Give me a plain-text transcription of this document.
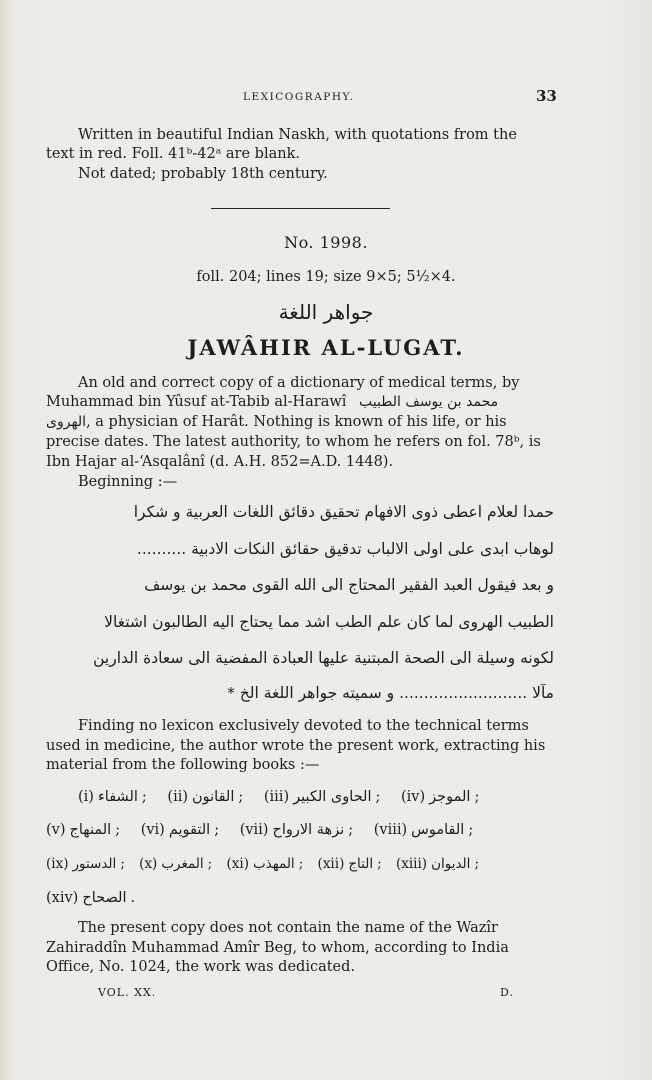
LEXICOGRAPHY.	33
Written in beautiful Indian Naskh, with quotations from the
text in red. Foll. 41ᵇ-42ᵃ are blank.
Not dated; probably 18th century.
No. 1998.
foll. 204; lines 19; size 9×5; 5½×4.
جواهر اللغة
JAWÂHIR AL-LUGAT.
An old and correct copy of a dictionary of medical terms, by
Muhammad bin Yûsuf at-Tabib al-Harawî محمد بن يوسف الطبيب
الهروى, a physician of Harât. Nothing is known of his life, or his
precise dates. The latest authority, to whom he refers on fol. 78ᵇ, is
Ibn Hajar al-ʻAsqalânî (d. A.H. 852=A.D. 1448).
Beginning :—
حمدا لعلام اعطى ذوى الافهام تحقيق دقائق اللغات العربية و شكرا
لوهاب ابدى على اولى الالباب تدقيق حقائق النكات الادبية ..........
و بعد فيقول العبد الفقير المحتاج الى الله القوى محمد بن يوسف
الطبيب الهروى لما كان علم الطب اشد مما يحتاج اليه الطالبون اشتغالا
لكونه وسيلة الى الصحة المبتنية عليها العبادة المفضية الى سعادة الدارين
مآلا .......................... و سميته جواهر اللغة الخ *
Finding no lexicon exclusively devoted to the technical terms
used in medicine, the author wrote the present work, extracting his
material from the following books :—
(i) الشفاء ; (ii) القانون ; (iii) الحاوى الكبير ; (iv) الموجز ;
(v) المنهاج ; (vi) التقويم ; (vii) نزهة الارواح ; (viii) القاموس ;
(ix) الدستور ; (x) المغرب ; (xi) المهذب ; (xii) التاج ; (xiii) الديوان ;
(xiv) الصحاح .
The present copy does not contain the name of the Wazîr
Zahiraddîn Muhammad Amîr Beg, to whom, according to India
Office, No. 1024, the work was dedicated.
VOL. XX.	D.
